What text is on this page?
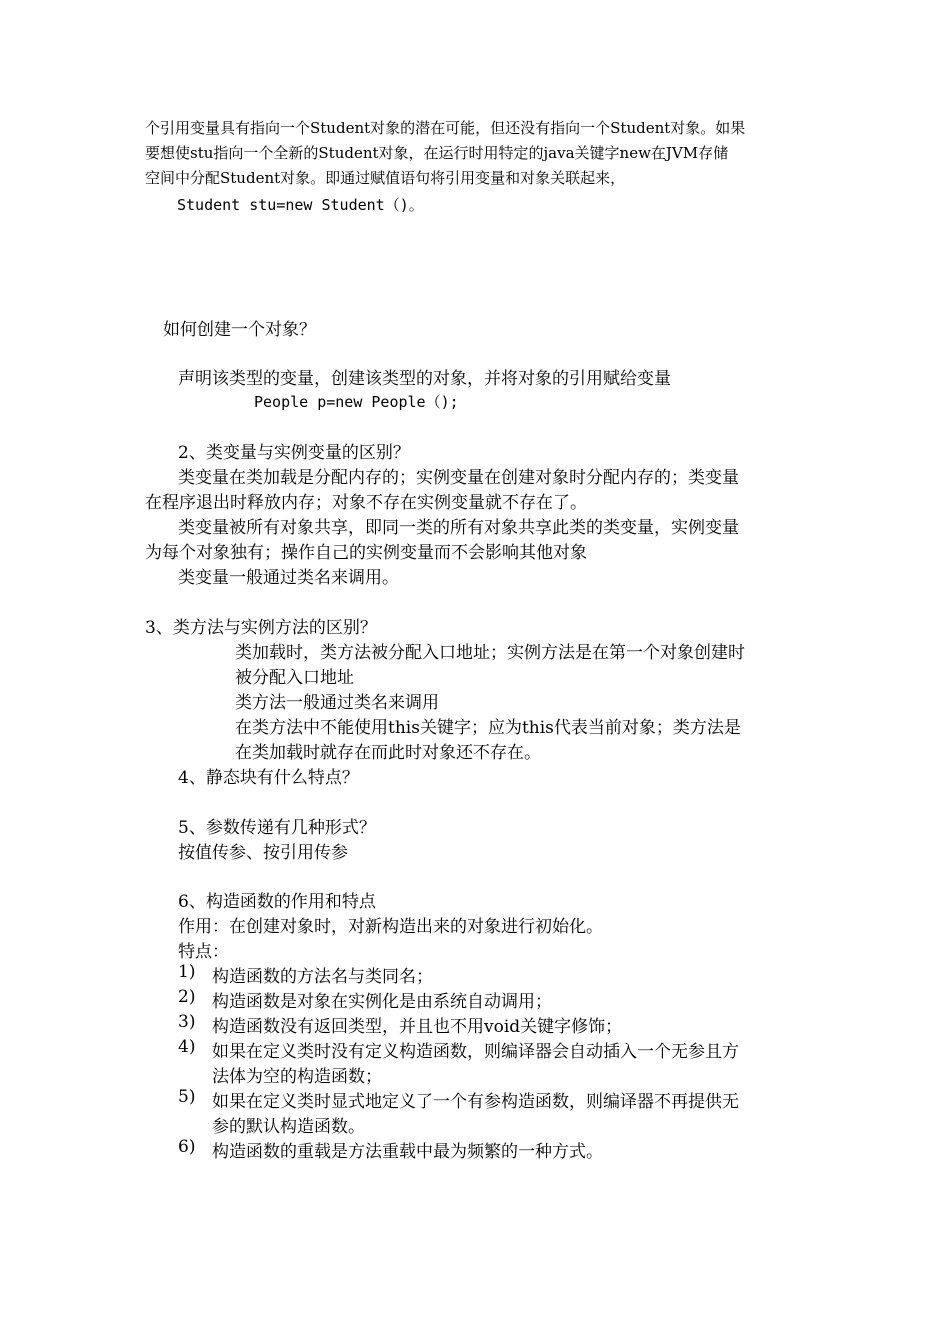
个引用变量具有指向一个Student对象的潜在可能，但还没有指向一个Student对象。如果
要想使stu指向一个全新的Student对象，在运行时用特定的java关键字new在JVM存储
空间中分配Student对象。即通过赋值语句将引用变量和对象关联起来，
Student stu=new Student（)。
如何创建一个对象？
声明该类型的变量，创建该类型的对象，并将对象的引用赋给变量
People p=new People（);
2、类变量与实例变量的区别？
类变量在类加载是分配内存的；实例变量在创建对象时分配内存的；类变量
在程序退出时释放内存；对象不存在实例变量就不存在了。
类变量被所有对象共享，即同一类的所有对象共享此类的类变量，实例变量
为每个对象独有；操作自己的实例变量而不会影响其他对象
类变量一般通过类名来调用。
3、类方法与实例方法的区别？
类加载时，类方法被分配入口地址；实例方法是在第一个对象创建时
被分配入口地址
类方法一般通过类名来调用
在类方法中不能使用this关键字；应为this代表当前对象；类方法是
在类加载时就存在而此时对象还不存在。
4、静态块有什么特点？
5、参数传递有几种形式？
按值传参、按引用传参
6、构造函数的作用和特点
作用：在创建对象时，对新构造出来的对象进行初始化。
特点：
1) 构造函数的方法名与类同名；
2) 构造函数是对象在实例化是由系统自动调用；
3) 构造函数没有返回类型，并且也不用void关键字修饰；
4) 如果在定义类时没有定义构造函数，则编译器会自动插入一个无参且方
法体为空的构造函数；
5) 如果在定义类时显式地定义了一个有参构造函数，则编译器不再提供无
参的默认构造函数。
6) 构造函数的重载是方法重载中最为频繁的一种方式。
